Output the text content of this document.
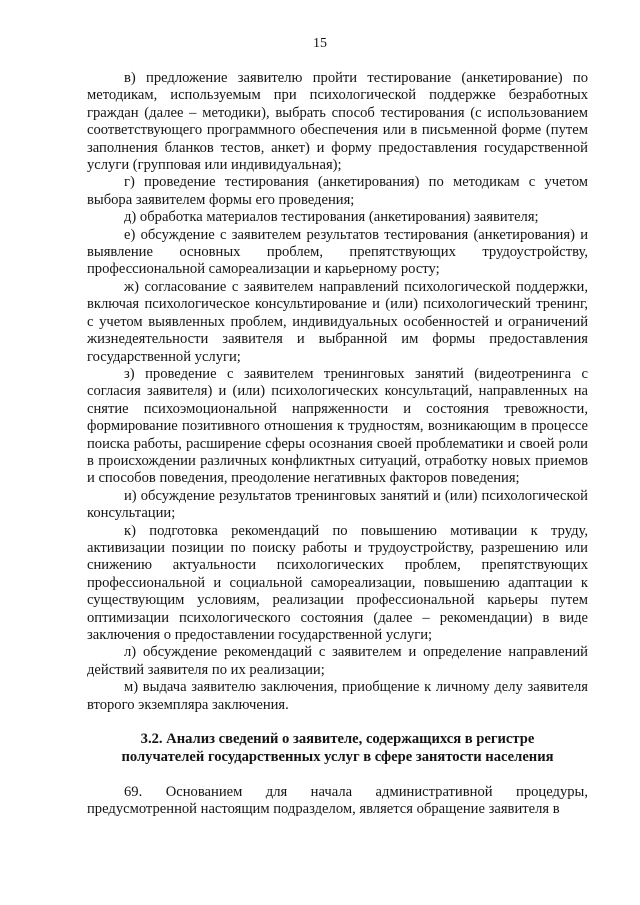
15

в) предложение заявителю пройти тестирование (анкетирование) по методикам, используемым при психологической поддержке безработных граждан (далее – методики), выбрать способ тестирования (с использованием соответствующего программного обеспечения или в письменной форме (путем заполнения бланков тестов, анкет) и форму предоставления государственной услуги (групповая или индивидуальная);

г) проведение тестирования (анкетирования) по методикам с учетом выбора заявителем формы его проведения;

д) обработка материалов тестирования (анкетирования) заявителя;

е) обсуждение с заявителем результатов тестирования (анкетирования) и выявление основных проблем, препятствующих трудоустройству, профессиональной самореализации и карьерному росту;

ж) согласование с заявителем направлений психологической поддержки, включая психологическое консультирование и (или) психологический тренинг, с учетом выявленных проблем, индивидуальных особенностей и ограничений жизнедеятельности заявителя и выбранной им формы предоставления государственной услуги;

з) проведение с заявителем тренинговых занятий (видеотренинга с согласия заявителя) и (или) психологических консультаций, направленных на снятие психоэмоциональной напряженности и состояния тревожности, формирование позитивного отношения к трудностям, возникающим в процессе поиска работы, расширение сферы осознания своей проблематики и своей роли в происхождении различных конфликтных ситуаций, отработку новых приемов и способов поведения, преодоление негативных факторов поведения;

и) обсуждение результатов тренинговых занятий и (или) психологической консультации;

к) подготовка рекомендаций по повышению мотивации к труду, активизации позиции по поиску работы и трудоустройству, разрешению или снижению актуальности психологических проблем, препятствующих профессиональной и социальной самореализации, повышению адаптации к существующим условиям, реализации профессиональной карьеры путем оптимизации психологического состояния (далее – рекомендации) в виде заключения о предоставлении государственной услуги;

л) обсуждение рекомендаций с заявителем и определение направлений действий заявителя по их реализации;

м) выдача заявителю заключения, приобщение к личному делу заявителя второго экземпляра заключения.

3.2. Анализ сведений о заявителе, содержащихся в регистре
получателей государственных услуг в сфере занятости населения

69. Основанием для начала административной процедуры, предусмотренной настоящим подразделом, является обращение заявителя в
